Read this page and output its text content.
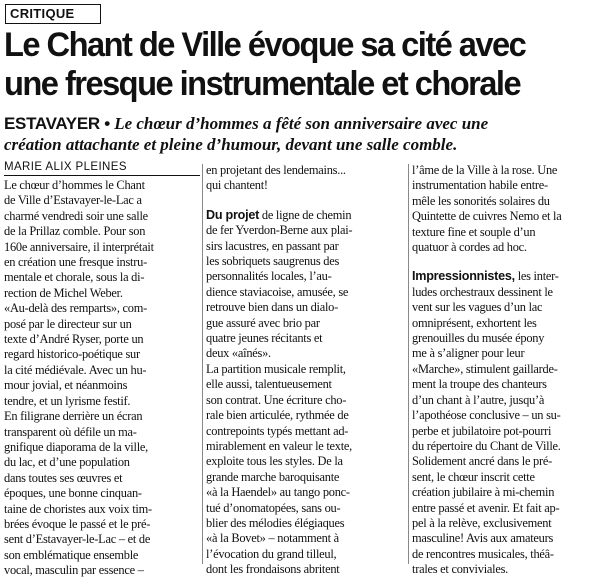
CRITIQUE
Le Chant de Ville évoque sa cité avec
une fresque instrumentale et chorale
ESTAVAYER • Le chœur d’hommes a fêté son anniversaire avec une
création attachante et pleine d’humour, devant une salle comble.
MARIE ALIX PLEINES
Le chœur d’hommes le Chant
de Ville d’Estavayer-le-Lac a
charmé vendredi soir une salle
de la Prillaz comble. Pour son
160e anniversaire, il interprétait
en création une fresque instru-
mentale et chorale, sous la di-
rection de Michel Weber.
«Au-delà des remparts», com-
posé par le directeur sur un
texte d’André Ryser, porte un
regard historico-poétique sur
la cité médiévale. Avec un hu-
mour jovial, et néanmoins
tendre, et un lyrisme festif.
En filigrane derrière un écran
transparent où défile un ma-
gnifique diaporama de la ville,
du lac, et d’une population
dans toutes ses œuvres et
époques, une bonne cinquan-
taine de choristes aux voix tim-
brées évoque le passé et le pré-
sent d’Estavayer-le-Lac – et de
son emblématique ensemble
vocal, masculin par essence –
en projetant des lendemains...
qui chantent!
Du projet de ligne de chemin
de fer Yverdon-Berne aux plai-
sirs lacustres, en passant par
les sobriquets saugrenus des
personnalités locales, l’au-
dience staviacoise, amusée, se
retrouve bien dans un dialo-
gue assuré avec brio par
quatre jeunes récitants et
deux «aînés».
La partition musicale remplit,
elle aussi, talentueusement
son contrat. Une écriture cho-
rale bien articulée, rythmée de
contrepoints typés mettant ad-
mirablement en valeur le texte,
exploite tous les styles. De la
grande marche baroquisante
«à la Haendel» au tango ponc-
tué d’onomatopées, sans ou-
blier des mélodies élégiaques
«à la Bovet» – notamment à
l’évocation du grand tilleul,
dont les frondaisons abritent
l’âme de la Ville à la rose. Une
instrumentation habile entre-
mêle les sonorités solaires du
Quintette de cuivres Nemo et la
texture fine et souple d’un
quatuor à cordes ad hoc.
Impressionnistes, les inter-
ludes orchestraux dessinent le
vent sur les vagues d’un lac
omniprésent, exhortent les
grenouilles du musée épony
me à s’aligner pour leur
«Marche», stimulent gaillarde-
ment la troupe des chanteurs
d’un chant à l’autre, jusqu’à
l’apothéose conclusive – un su-
perbe et jubilatoire pot-pourri
du répertoire du Chant de Ville.
Solidement ancré dans le pré-
sent, le chœur inscrit cette
création jubilaire à mi-chemin
entre passé et avenir. Et fait ap-
pel à la relève, exclusivement
masculine! Avis aux amateurs
de rencontres musicales, théâ-
trales et conviviales.
